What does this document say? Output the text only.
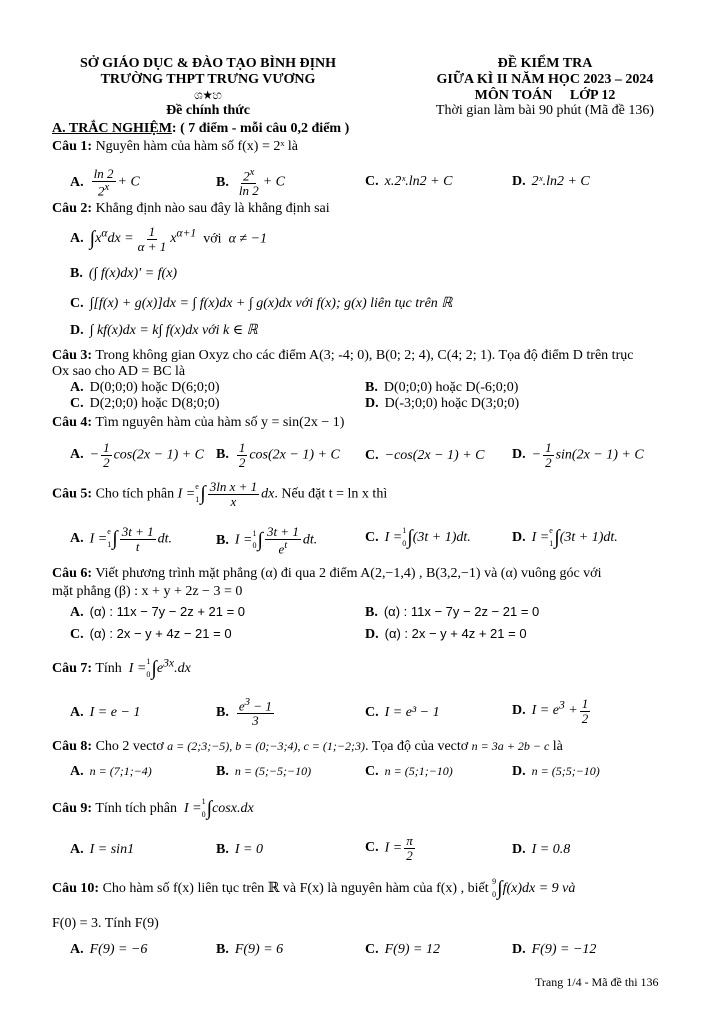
SỞ GIÁO DỤC & ĐÀO TẠO BÌNH ĐỊNH
TRƯỜNG THPT TRƯNG VƯƠNG
ශ★හ
Đề chính thức
ĐỀ KIỂM TRA
GIỮA KÌ II NĂM HỌC 2023 – 2024
MÔN TOÁN     LỚP 12
Thời gian làm bài 90 phút (Mã đề 136)
A. TRẮC NGHIỆM: ( 7 điểm - mỗi câu 0,2 điểm )
Câu 1: Nguyên hàm của hàm số f(x) = 2ˣ là
A. $\frac{\ln 2}{2^x} + C$	B. $\frac{2^x}{\ln 2} + C$	C. x.2ˣ.ln2 + C	D. 2ˣ.ln2 + C
Câu 2: Khẳng định nào sau đây là khẳng định sai
A. $\int x^\alpha dx = \frac{1}{\alpha + 1} x^{\alpha+1}$  với  α ≠ −1
B. (∫ f(x)dx)′ = f(x)
C. ∫[f(x) + g(x)]dx = ∫ f(x)dx + ∫ g(x)dx với f(x); g(x) liên tục trên ℝ
D. ∫ kf(x)dx = k∫ f(x)dx với k ∈ ℝ
Câu 3: Trong không gian Oxyz cho các điểm A(3; -4; 0), B(0; 2; 4), C(4; 2; 1). Tọa độ điểm D trên trục
Ox sao cho AD = BC là
A. D(0;0;0) hoặc D(6;0;0)	B. D(0;0;0) hoặc D(-6;0;0)
C. D(2;0;0) hoặc D(8;0;0)	D. D(-3;0;0) hoặc D(3;0;0)
Câu 4: Tìm nguyên hàm của hàm số y = sin(2x − 1)
A. − $\frac{1}{2} \cos(2x - 1) + C$ B. $\frac{1}{2} \cos(2x - 1) + C$ C. −cos(2x − 1) + C D. − $\frac{1}{2} \sin(2x - 1) + C$
Câu 5: Cho tích phân I = e
1 ∫ $\frac{\text{3ln x + 1}}{x}$ dx. Nếu đặt t = ln x thì
A. I = e
1 ∫ $\frac{3t + 1}{t}$ dt.	B. I = 1
0 ∫ $\frac{3t + 1}{e^t}$ dt.	C. I = 1
0 ∫(3t + 1)dt.	D. I = e
1 ∫(3t + 1)dt.
Câu 6: Viết phương trình mặt phẳng (α) đi qua 2 điểm A(2,−1,4) , B(3,2,−1) và (α) vuông góc với
mặt phẳng (β) : x + y + 2z − 3 = 0
A. (α) : 11x − 7y − 2z + 21 = 0	B. (α) : 11x − 7y − 2z − 21 = 0
C. (α) : 2x − y + 4z − 21 = 0	D. (α) : 2x − y + 4z + 21 = 0
Câu 7: Tính I = 1
0 $\int e^{3x}.dx$
A. I = e − 1	B. $\frac{e^3 - 1}{3}$	C. I = e³ − 1	D. $I = e^3 + \frac{1}{2}$
Câu 8: Cho 2 vectơ a = (2;3;−5), b = (0;−3;4), c = (1;−2;3). Tọa độ của vectơ n = 3a + 2b − c là
A. n = (7;1;−4)	B. n = (5;−5;−10)	C. n = (5;1;−10)	D. n = (5;5;−10)
Câu 9: Tính tích phân I = 1
0 ∫cosx.dx
A. I = sin1	B. I = 0	C. $I = \frac{\pi}{2}$	D. I = 0.8
Câu 10: Cho hàm số f(x) liên tục trên ℝ và F(x) là nguyên hàm của f(x) , biết 9
0 ∫f(x)dx = 9 và
F(0) = 3. Tính F(9)
A. F(9) = −6	B. F(9) = 6	C. F(9) = 12	D. F(9) = −12
Trang 1/4 - Mã đề thi 136
